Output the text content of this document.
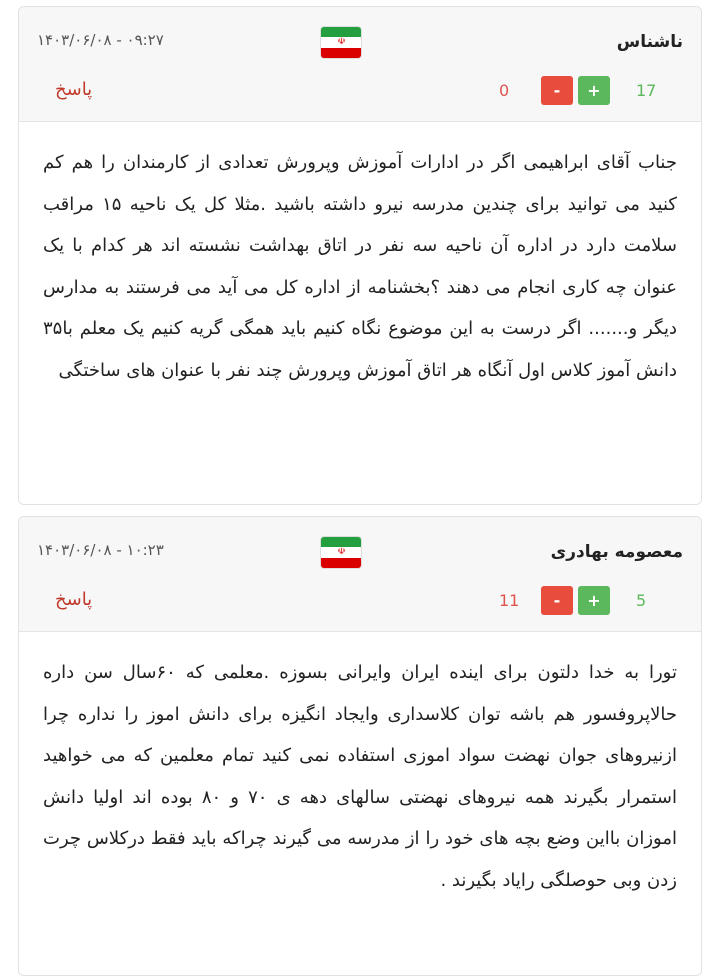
ناشناس
☫
۱۴۰۳/۰۶/۰۸ - ۰۹:۲۷
17
+
-
0
پاسخ
جناب آقای ابراهیمی اگر در ادارات آموزش وپرورش تعدادی از کارمندان را هم کم کنید می توانید برای چندین مدرسه نیرو داشته باشید .مثلا کل یک ناحیه ۱۵ مراقب سلامت دارد در اداره آن ناحیه سه نفر در اتاق بهداشت نشسته اند هر کدام با یک عنوان چه کاری انجام می دهند ؟بخشنامه از اداره کل می آید می فرستند به مدارس دیگر و....... اگر درست به این موضوع نگاه کنیم باید همگی گریه کنیم یک معلم با۳۵ دانش آموز کلاس اول آنگاه هر اتاق آموزش وپرورش چند نفر با عنوان های ساختگی
معصومه بهادری
☫
۱۴۰۳/۰۶/۰۸ - ۱۰:۲۳
5
+
-
11
پاسخ
تورا به خدا دلتون برای اینده ایران وایرانی بسوزه .معلمی که ۶۰سال سن داره حالاپروفسور هم باشه توان کلاسداری وایجاد انگیزه برای دانش اموز را نداره چرا ازنیروهای جوان نهضت سواد اموزی استفاده نمی کنید تمام معلمین که می خواهید استمرار بگیرند همه نیروهای نهضتی سالهای دهه ی ۷۰ و ۸۰ بوده اند اولیا دانش اموزان بااین وضع بچه های خود را از مدرسه می گیرند چراکه باید فقط درکلاس چرت زدن وبی حوصلگی رایاد بگیرند .
